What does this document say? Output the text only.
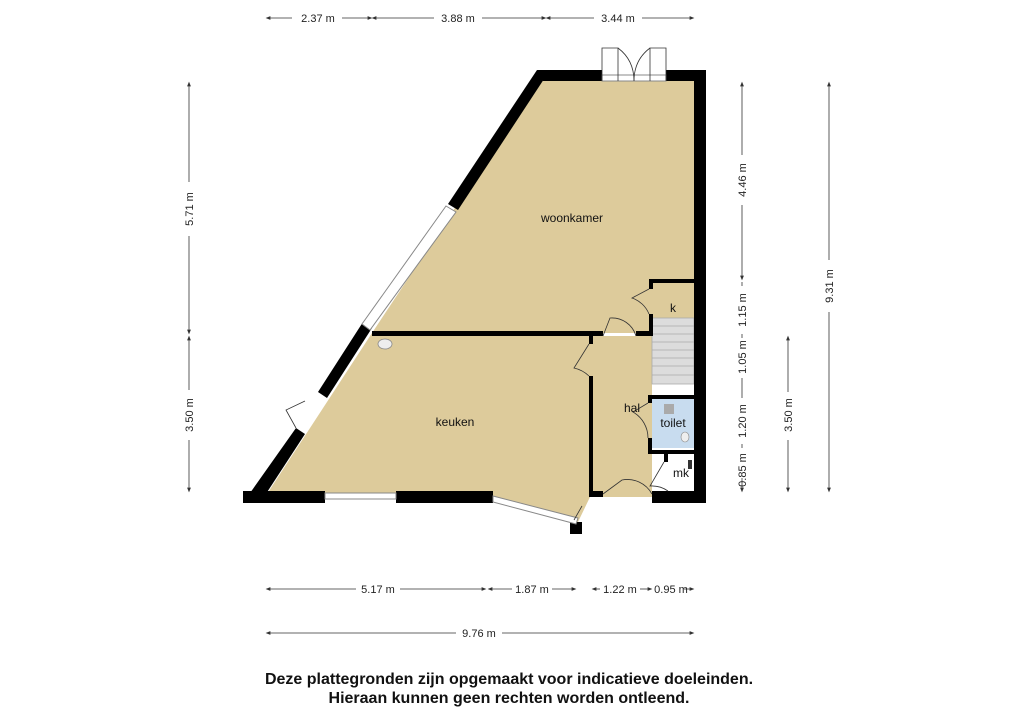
woonkamer
keuken
hal
toilet
k
mk
2.37 m	3.88 m	3.44 m
5.71 m
3.50 m
4.46 m
1.15 m
1.05 m
1.20 m
0.85 m
3.50 m
9.31 m
5.17 m	1.87 m	1.22 m 0.95 m
9.76 m
Deze plattegronden zijn opgemaakt voor indicatieve doeleinden.
Hieraan kunnen geen rechten worden ontleend.
